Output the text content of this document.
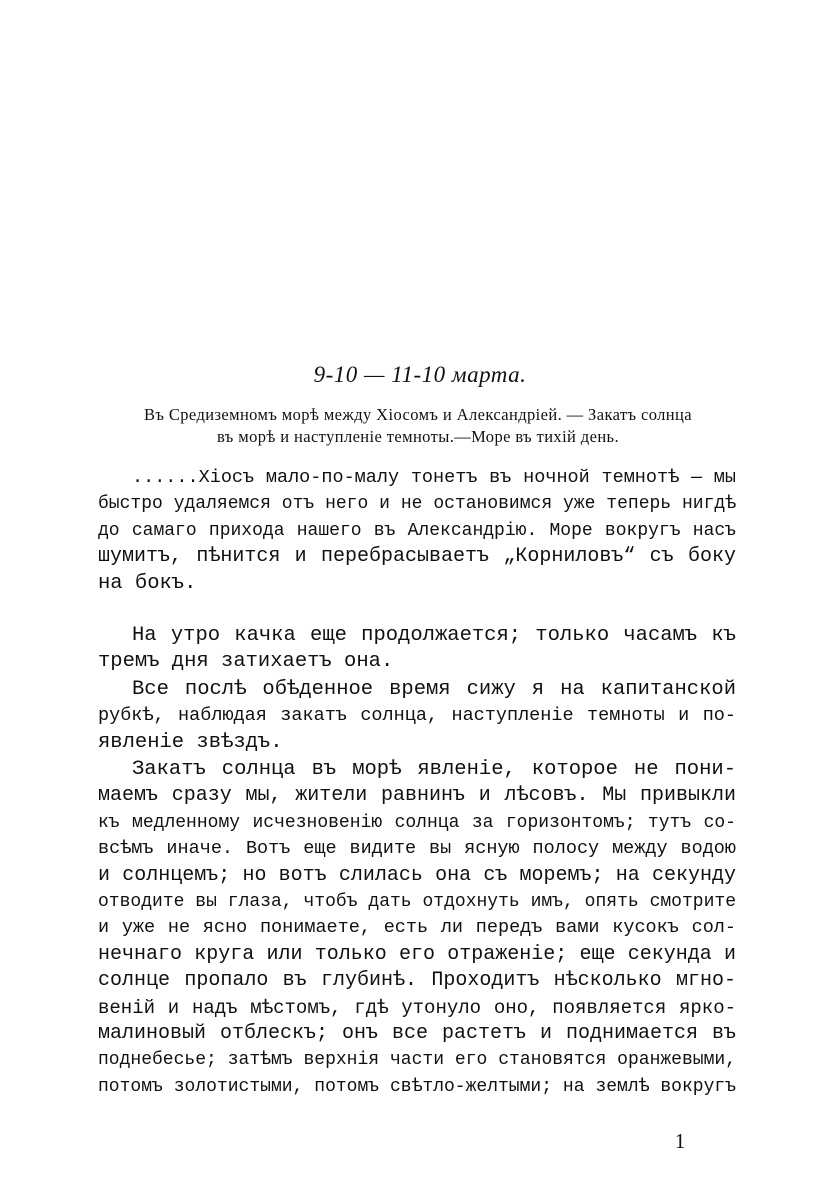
9-10 — 11-10 марта.
Въ Средиземномъ морѣ между Хіосомъ и Александріей. — Закатъ солнца
въ морѣ и наступленіе темноты.—Море въ тихій день.
......Хіосъ мало-по-малу тонетъ въ ночной темнотѣ — мы
быстро удаляемся отъ него и не остановимся уже теперь нигдѣ
до самаго прихода нашего въ Александрію. Море вокругъ насъ
шумитъ, пѣнится и перебрасываетъ „Корниловъ“ съ боку
на бокъ.
На утро качка еще продолжается; только часамъ къ
тремъ дня затихаетъ она.
Все послѣ обѣденное время сижу я на капитанской
рубкѣ, наблюдая закатъ солнца, наступленіе темноты и по-
явленіе звѣздъ.
Закатъ солнца въ морѣ явленіе, которое не пони-
маемъ сразу мы, жители равнинъ и лѣсовъ. Мы привыкли
къ медленному исчезновенію солнца за горизонтомъ; тутъ со-
всѣмъ иначе. Вотъ еще видите вы ясную полосу между водою
и солнцемъ; но вотъ слилась она съ моремъ; на секунду
отводите вы глаза, чтобъ дать отдохнуть имъ, опять смотрите
и уже не ясно понимаете, есть ли передъ вами кусокъ сол-
нечнаго круга или только его отраженіе; еще секунда и
солнце пропало въ глубинѣ. Проходитъ нѣсколько мгно-
веній и надъ мѣстомъ, гдѣ утонуло оно, появляется ярко-
малиновый отблескъ; онъ все растетъ и поднимается въ
поднебесье; затѣмъ верхнія части его становятся оранжевыми,
потомъ золотистыми, потомъ свѣтло-желтыми; на землѣ вокругъ
1
